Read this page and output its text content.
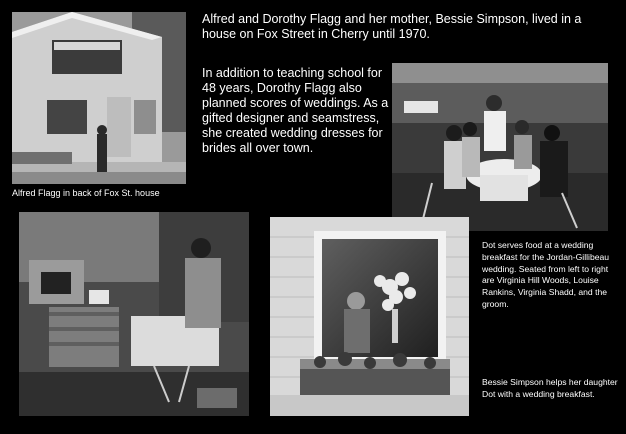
Alfred and Dorothy Flagg and her mother, Bessie Simpson, lived in a house on Fox Street in Cherry until 1970.
In addition to teaching school for 48 years, Dorothy Flagg also planned scores of weddings. As a gifted designer and seamstress, she created wedding dresses for brides all over town.
Alfred Flagg in back of Fox St. house
Dot serves food at a wedding breakfast for the Jordan-Gillibeau wedding. Seated from left to right are Virginia Hill Woods, Louise Rankins, Virginia Shadd, and the groom.
Bessie Simpson helps her daughter Dot with a wedding breakfast.
